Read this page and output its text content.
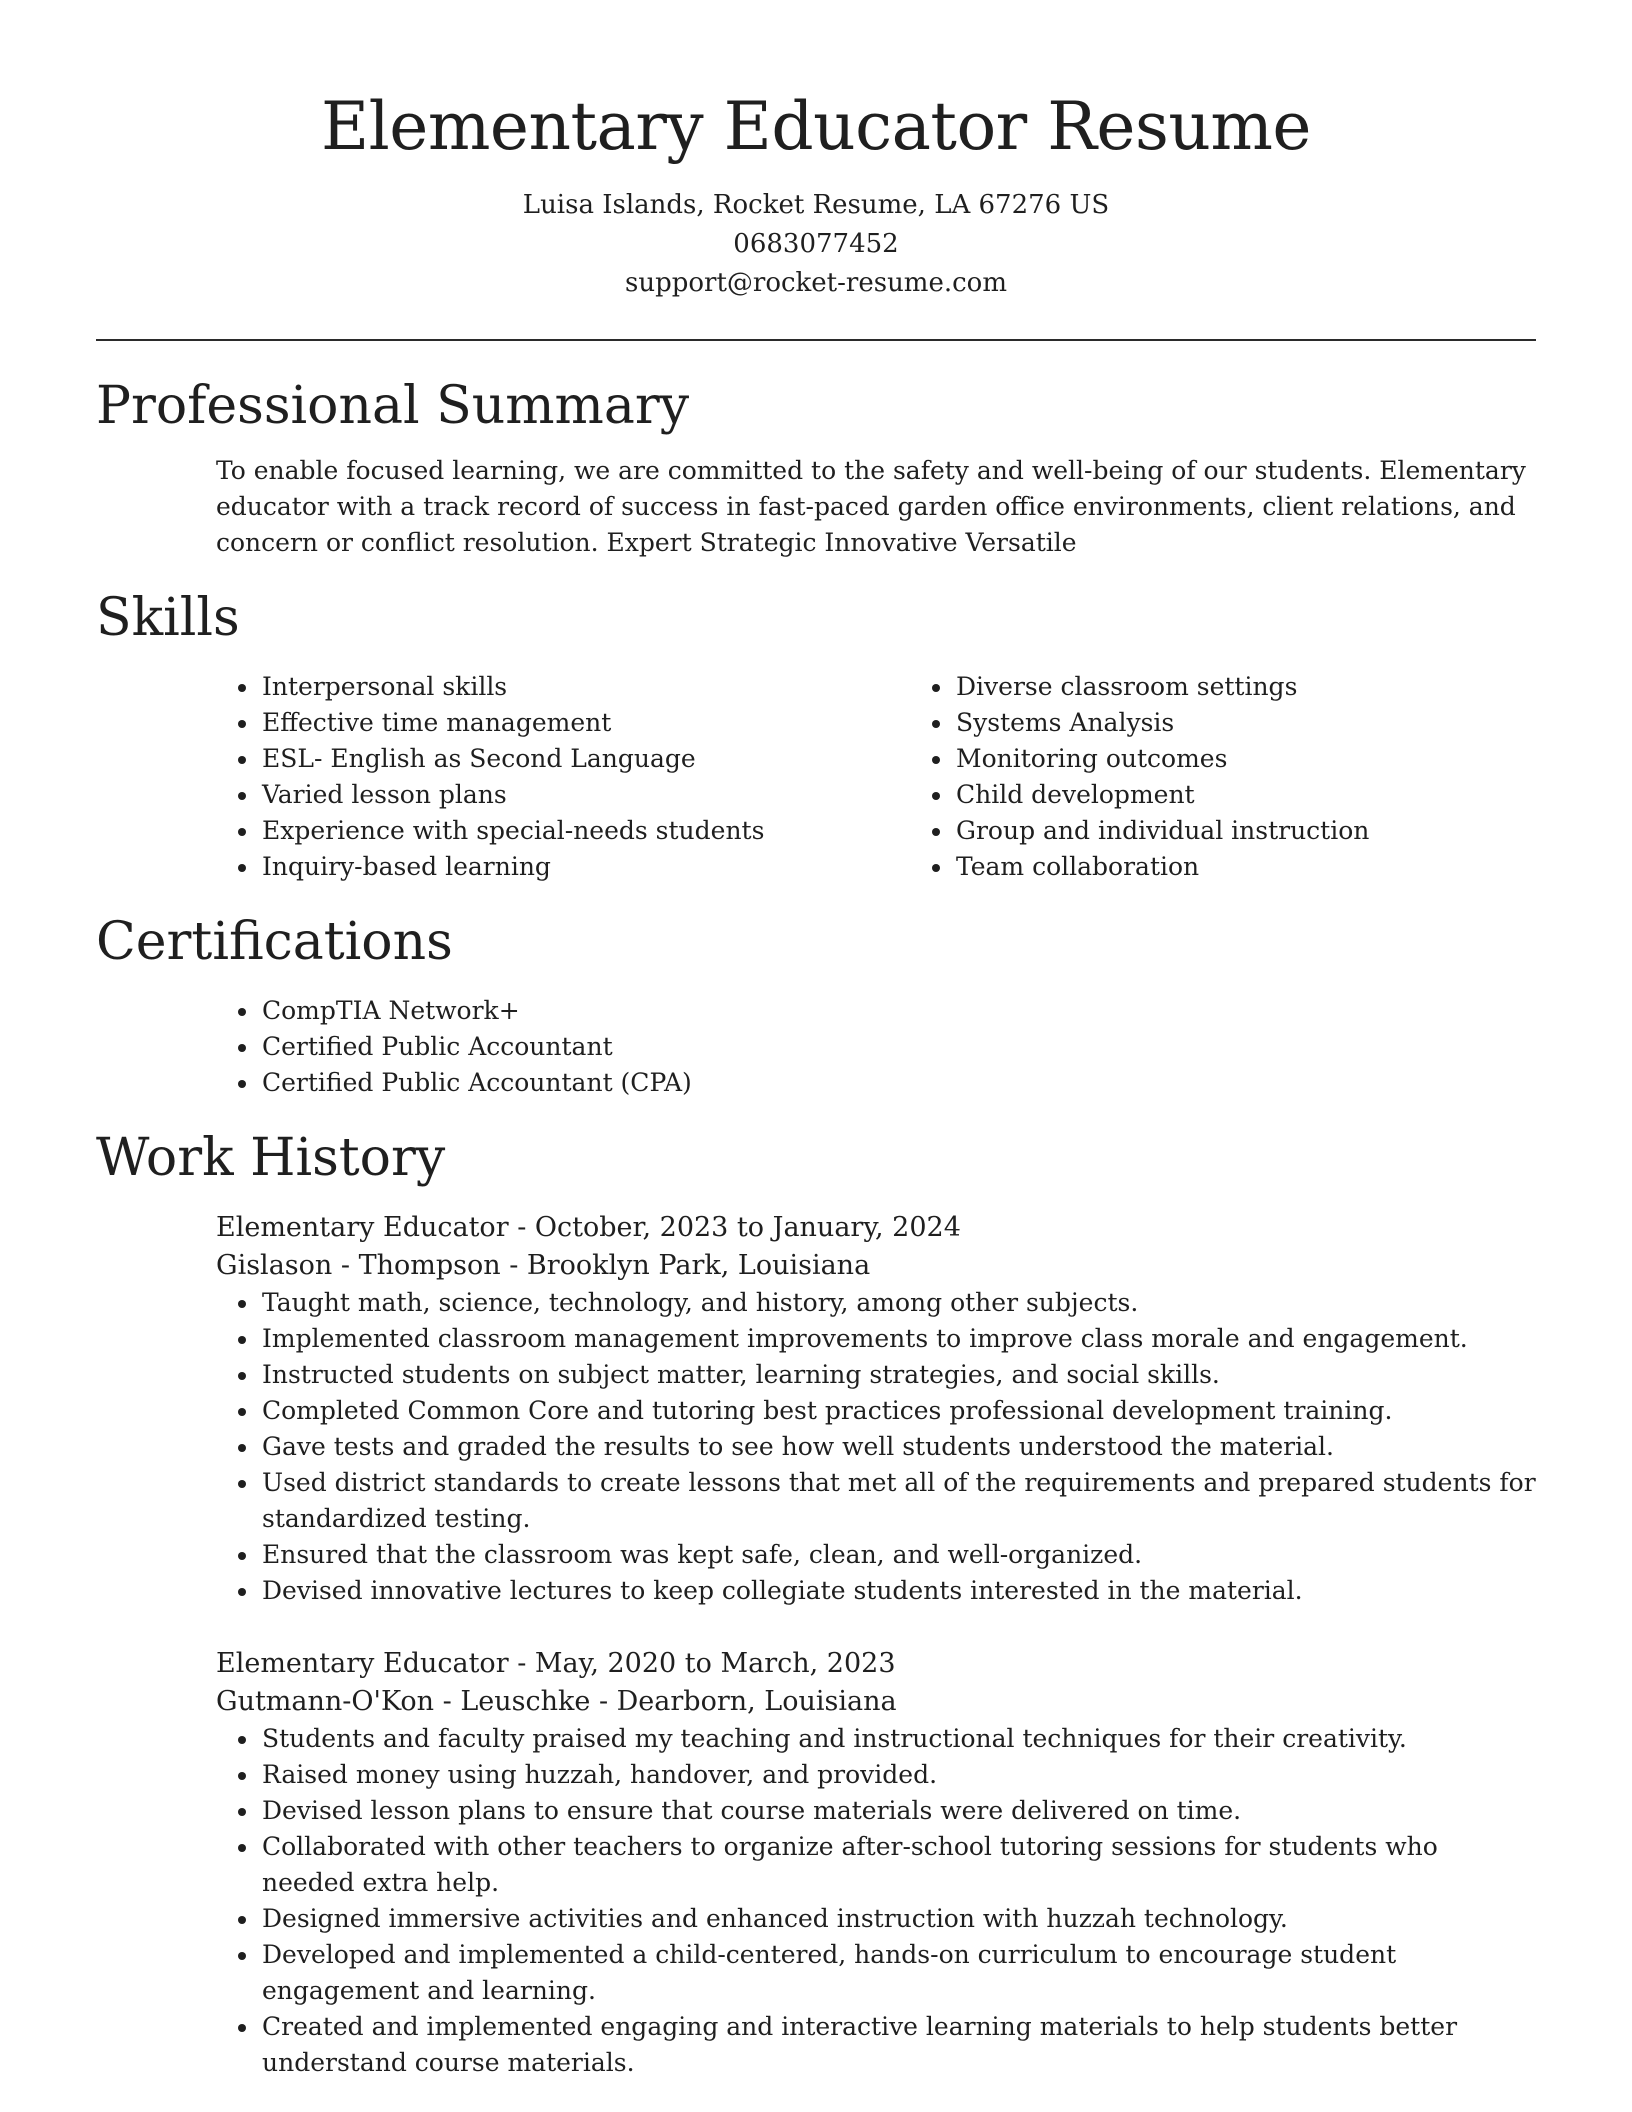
Elementary Educator Resume
Luisa Islands, Rocket Resume, LA 67276 US
0683077452
support@rocket-resume.com
Professional Summary

To enable focused learning, we are committed to the safety and well-being of our students. Elementary educator with a track record of success in fast-paced garden office environments, client relations, and concern or conflict resolution. Expert Strategic Innovative Versatile

Skills
• Interpersonal skills
• Effective time management
• ESL- English as Second Language
• Varied lesson plans
• Experience with special-needs students
• Inquiry-based learning
• Diverse classroom settings
• Systems Analysis
• Monitoring outcomes
• Child development
• Group and individual instruction
• Team collaboration
Certifications
• CompTIA Network+
• Certified Public Accountant
• Certified Public Accountant (CPA)
Work History
Elementary Educator - October, 2023 to January, 2024
Gislason - Thompson - Brooklyn Park, Louisiana
• Taught math, science, technology, and history, among other subjects.
• Implemented classroom management improvements to improve class morale and engagement.
• Instructed students on subject matter, learning strategies, and social skills.
• Completed Common Core and tutoring best practices professional development training.
• Gave tests and graded the results to see how well students understood the material.
• Used district standards to create lessons that met all of the requirements and prepared students for standardized testing.
• Ensured that the classroom was kept safe, clean, and well-organized.
• Devised innovative lectures to keep collegiate students interested in the material.
Elementary Educator - May, 2020 to March, 2023
Gutmann-O'Kon - Leuschke - Dearborn, Louisiana
• Students and faculty praised my teaching and instructional techniques for their creativity.
• Raised money using huzzah, handover, and provided.
• Devised lesson plans to ensure that course materials were delivered on time.
• Collaborated with other teachers to organize after-school tutoring sessions for students who needed extra help.
• Designed immersive activities and enhanced instruction with huzzah technology.
• Developed and implemented a child-centered, hands-on curriculum to encourage student engagement and learning.
• Created and implemented engaging and interactive learning materials to help students better understand course materials.
